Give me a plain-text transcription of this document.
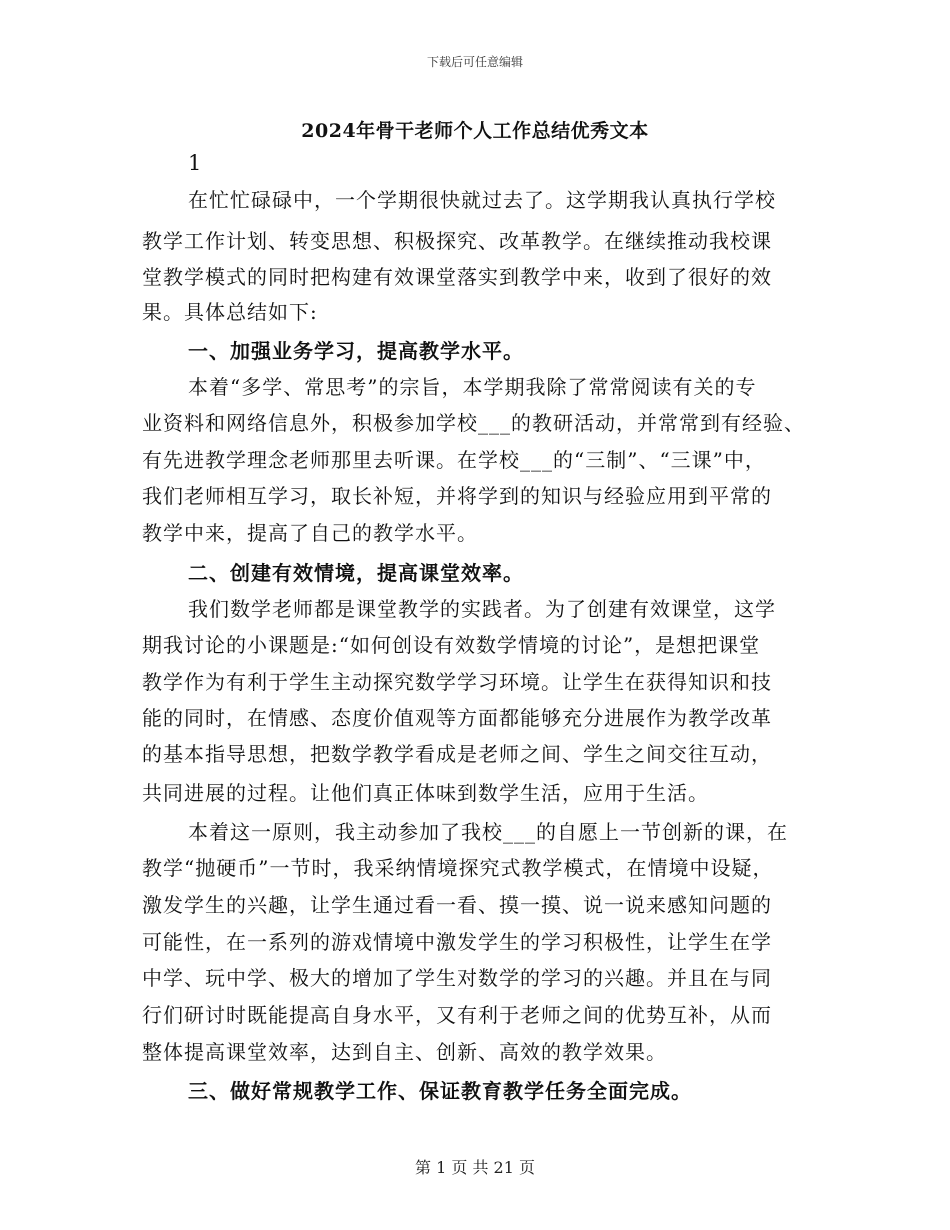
下载后可任意编辑
2024年骨干老师个人工作总结优秀文本
1
在忙忙碌碌中，一个学期很快就过去了。这学期我认真执行学校
教学工作计划、转变思想、积极探究、改革教学。在继续推动我校课
堂教学模式的同时把构建有效课堂落实到教学中来，收到了很好的效
果。具体总结如下:
一、加强业务学习，提高教学水平。
本着“多学、常思考”的宗旨，本学期我除了常常阅读有关的专
业资料和网络信息外，积极参加学校___的教研活动，并常常到有经验、
有先进教学理念老师那里去听课。在学校___的“三制”、“三课”中，
我们老师相互学习，取长补短，并将学到的知识与经验应用到平常的
教学中来，提高了自己的教学水平。
二、创建有效情境，提高课堂效率。
我们数学老师都是课堂教学的实践者。为了创建有效课堂，这学
期我讨论的小课题是:“如何创设有效数学情境的讨论”，是想把课堂
教学作为有利于学生主动探究数学学习环境。让学生在获得知识和技
能的同时，在情感、态度价值观等方面都能够充分进展作为教学改革
的基本指导思想，把数学教学看成是老师之间、学生之间交往互动，
共同进展的过程。让他们真正体味到数学生活，应用于生活。
本着这一原则，我主动参加了我校___的自愿上一节创新的课，在
教学“抛硬币”一节时，我采纳情境探究式教学模式，在情境中设疑，
激发学生的兴趣，让学生通过看一看、摸一摸、说一说来感知问题的
可能性，在一系列的游戏情境中激发学生的学习积极性，让学生在学
中学、玩中学、极大的增加了学生对数学的学习的兴趣。并且在与同
行们研讨时既能提高自身水平，又有利于老师之间的优势互补，从而
整体提高课堂效率，达到自主、创新、高效的教学效果。
三、做好常规教学工作、保证教育教学任务全面完成。
第 1 页 共 21 页
